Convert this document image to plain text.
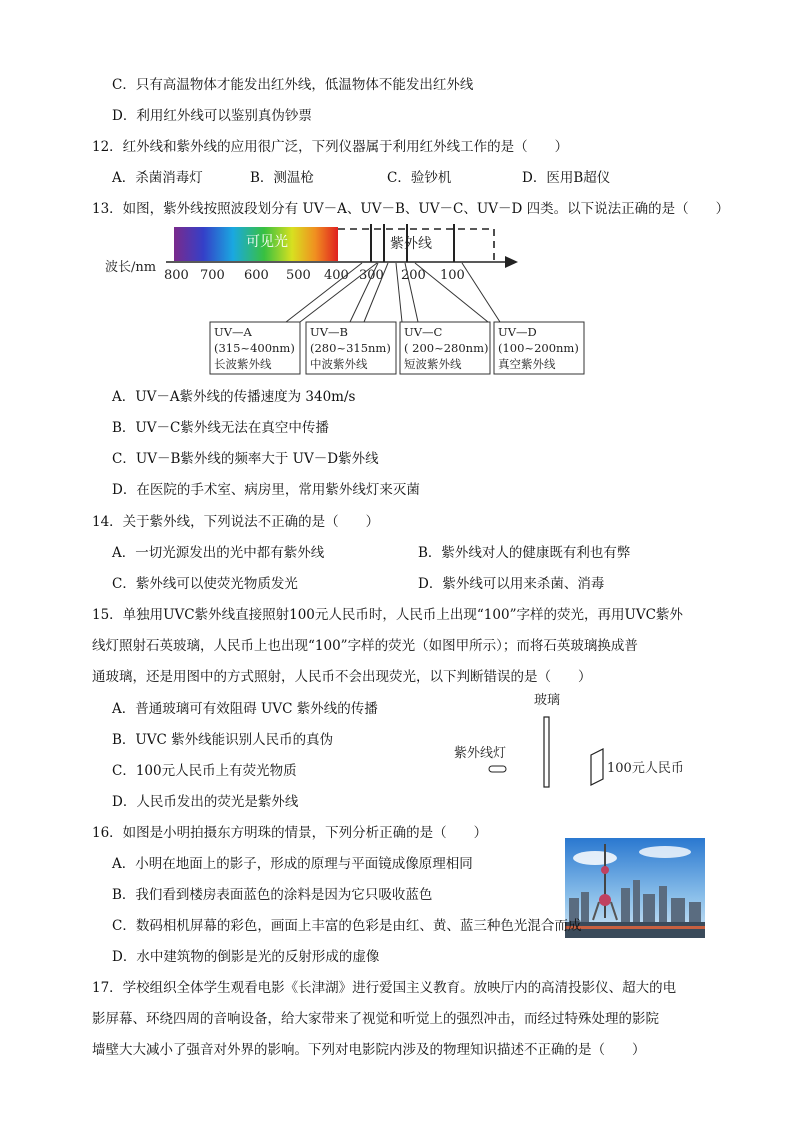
C．只有高温物体才能发出红外线，低温物体不能发出红外线
D．利用红外线可以鉴别真伪钞票
12．红外线和紫外线的应用很广泛，下列仪器属于利用红外线工作的是（　　）
A．杀菌消毒灯	B．测温枪	C．验钞机	D．医用B超仪
13．如图，紫外线按照波段划分有 UV－A、UV－B、UV－C、UV－D 四类。以下说法正确的是（　　）
可见光	紫外线
波长/nm
800 700 600 500 400 300 200 100
UV—A
(315~400nm)
长波紫外线
UV—B
(280~315nm)
中波紫外线
UV—C
( 200~280nm)
短波紫外线
UV—D
(100~200nm)
真空紫外线
A．UV－A紫外线的传播速度为 340m/s
B．UV－C紫外线无法在真空中传播
C．UV－B紫外线的频率大于 UV－D紫外线
D．在医院的手术室、病房里，常用紫外线灯来灭菌
14．关于紫外线，下列说法不正确的是（　　）
A．一切光源发出的光中都有紫外线	B．紫外线对人的健康既有利也有弊
C．紫外线可以使荧光物质发光	D．紫外线可以用来杀菌、消毒
15．单独用UVC紫外线直接照射100元人民币时，人民币上出现“100”字样的荧光，再用UVC紫外
线灯照射石英玻璃，人民币上也出现“100”字样的荧光（如图甲所示）；而将石英玻璃换成普
通玻璃，还是用图中的方式照射，人民币不会出现荧光，以下判断错误的是（　　）
玻璃
紫外线灯
100元人民币
A．普通玻璃可有效阻碍 UVC 紫外线的传播
B．UVC 紫外线能识别人民币的真伪
C．100元人民币上有荧光物质
D．人民币发出的荧光是紫外线
16．如图是小明拍摄东方明珠的情景，下列分析正确的是（　　）
A．小明在地面上的影子，形成的原理与平面镜成像原理相同
B．我们看到楼房表面蓝色的涂料是因为它只吸收蓝色
C．数码相机屏幕的彩色，画面上丰富的色彩是由红、黄、蓝三种色光混合而成
D．水中建筑物的倒影是光的反射形成的虚像
17．学校组织全体学生观看电影《长津湖》进行爱国主义教育。放映厅内的高清投影仪、超大的电
影屏幕、环绕四周的音响设备，给大家带来了视觉和听觉上的强烈冲击，而经过特殊处理的影院
墙壁大大减小了强音对外界的影响。下列对电影院内涉及的物理知识描述不正确的是（　　）
